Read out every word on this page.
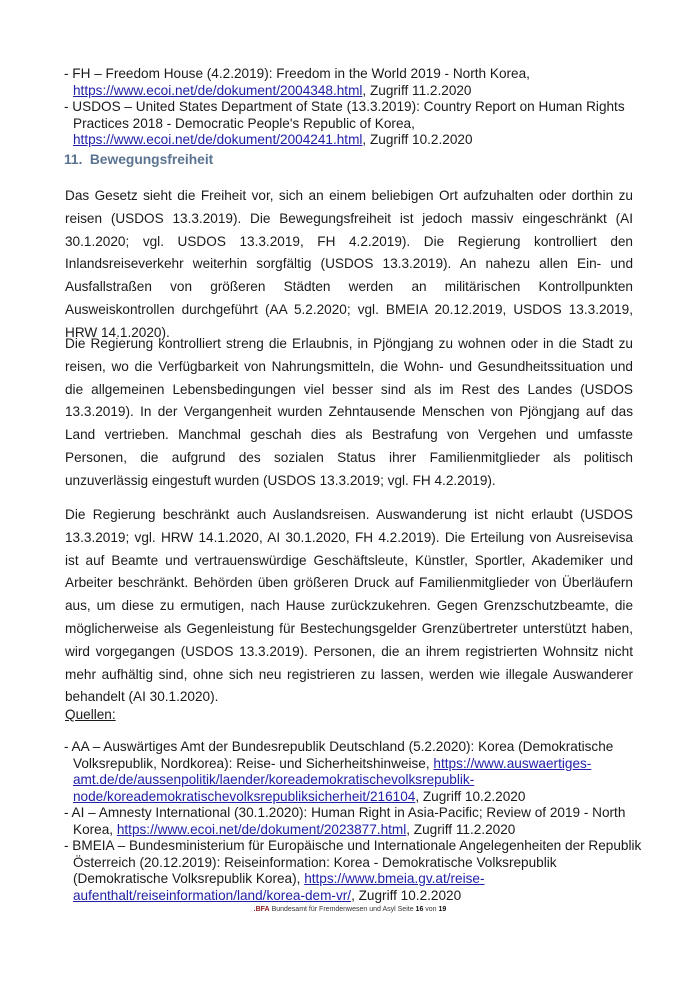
- FH – Freedom House (4.2.2019): Freedom in the World 2019 - North Korea, https://www.ecoi.net/de/dokument/2004348.html, Zugriff 11.2.2020
- USDOS – United States Department of State (13.3.2019): Country Report on Human Rights Practices 2018 - Democratic People's Republic of Korea, https://www.ecoi.net/de/dokument/2004241.html, Zugriff 10.2.2020
11. Bewegungsfreiheit

Das Gesetz sieht die Freiheit vor, sich an einem beliebigen Ort aufzuhalten oder dorthin zu reisen (USDOS 13.3.2019). Die Bewegungsfreiheit ist jedoch massiv eingeschränkt (AI 30.1.2020; vgl. USDOS 13.3.2019, FH 4.2.2019). Die Regierung kontrolliert den Inlandsreiseverkehr weiterhin sorgfältig (USDOS 13.3.2019). An nahezu allen Ein- und Ausfallstraßen von größeren Städten werden an militärischen Kontrollpunkten Ausweiskontrollen durchgeführt (AA 5.2.2020; vgl. BMEIA 20.12.2019, USDOS 13.3.2019, HRW 14.1.2020).

Die Regierung kontrolliert streng die Erlaubnis, in Pjöngjang zu wohnen oder in die Stadt zu reisen, wo die Verfügbarkeit von Nahrungsmitteln, die Wohn- und Gesundheitssituation und die allgemeinen Lebensbedingungen viel besser sind als im Rest des Landes (USDOS 13.3.2019). In der Vergangenheit wurden Zehntausende Menschen von Pjöngjang auf das Land vertrieben. Manchmal geschah dies als Bestrafung von Vergehen und umfasste Personen, die aufgrund des sozialen Status ihrer Familienmitglieder als politisch unzuverlässig eingestuft wurden (USDOS 13.3.2019; vgl. FH 4.2.2019).

Die Regierung beschränkt auch Auslandsreisen. Auswanderung ist nicht erlaubt (USDOS 13.3.2019; vgl. HRW 14.1.2020, AI 30.1.2020, FH 4.2.2019). Die Erteilung von Ausreisevisa ist auf Beamte und vertrauenswürdige Geschäftsleute, Künstler, Sportler, Akademiker und Arbeiter beschränkt. Behörden üben größeren Druck auf Familienmitglieder von Überläufern aus, um diese zu ermutigen, nach Hause zurückzukehren. Gegen Grenzschutzbeamte, die möglicherweise als Gegenleistung für Bestechungsgelder Grenzübertreter unterstützt haben, wird vorgegangen (USDOS 13.3.2019). Personen, die an ihrem registrierten Wohnsitz nicht mehr aufhältig sind, ohne sich neu registrieren zu lassen, werden wie illegale Auswanderer behandelt (AI 30.1.2020).

Quellen:

- AA – Auswärtiges Amt der Bundesrepublik Deutschland (5.2.2020): Korea (Demokratische Volksrepublik, Nordkorea): Reise- und Sicherheitshinweise, https://www.auswaertiges-amt.de/de/aussenpolitik/laender/koreademokratischevolksrepublik-node/koreademokratischevolksrepubliksicherheit/216104, Zugriff 10.2.2020
- AI – Amnesty International (30.1.2020): Human Right in Asia-Pacific; Review of 2019 - North Korea, https://www.ecoi.net/de/dokument/2023877.html, Zugriff 11.2.2020
- BMEIA – Bundesministerium für Europäische und Internationale Angelegenheiten der Republik Österreich (20.12.2019): Reiseinformation: Korea - Demokratische Volksrepublik (Demokratische Volksrepublik Korea), https://www.bmeia.gv.at/reise-aufenthalt/reiseinformation/land/korea-dem-vr/, Zugriff 10.2.2020
.BFA Bundesamt für Fremdenwesen und Asyl Seite 16 von 19
